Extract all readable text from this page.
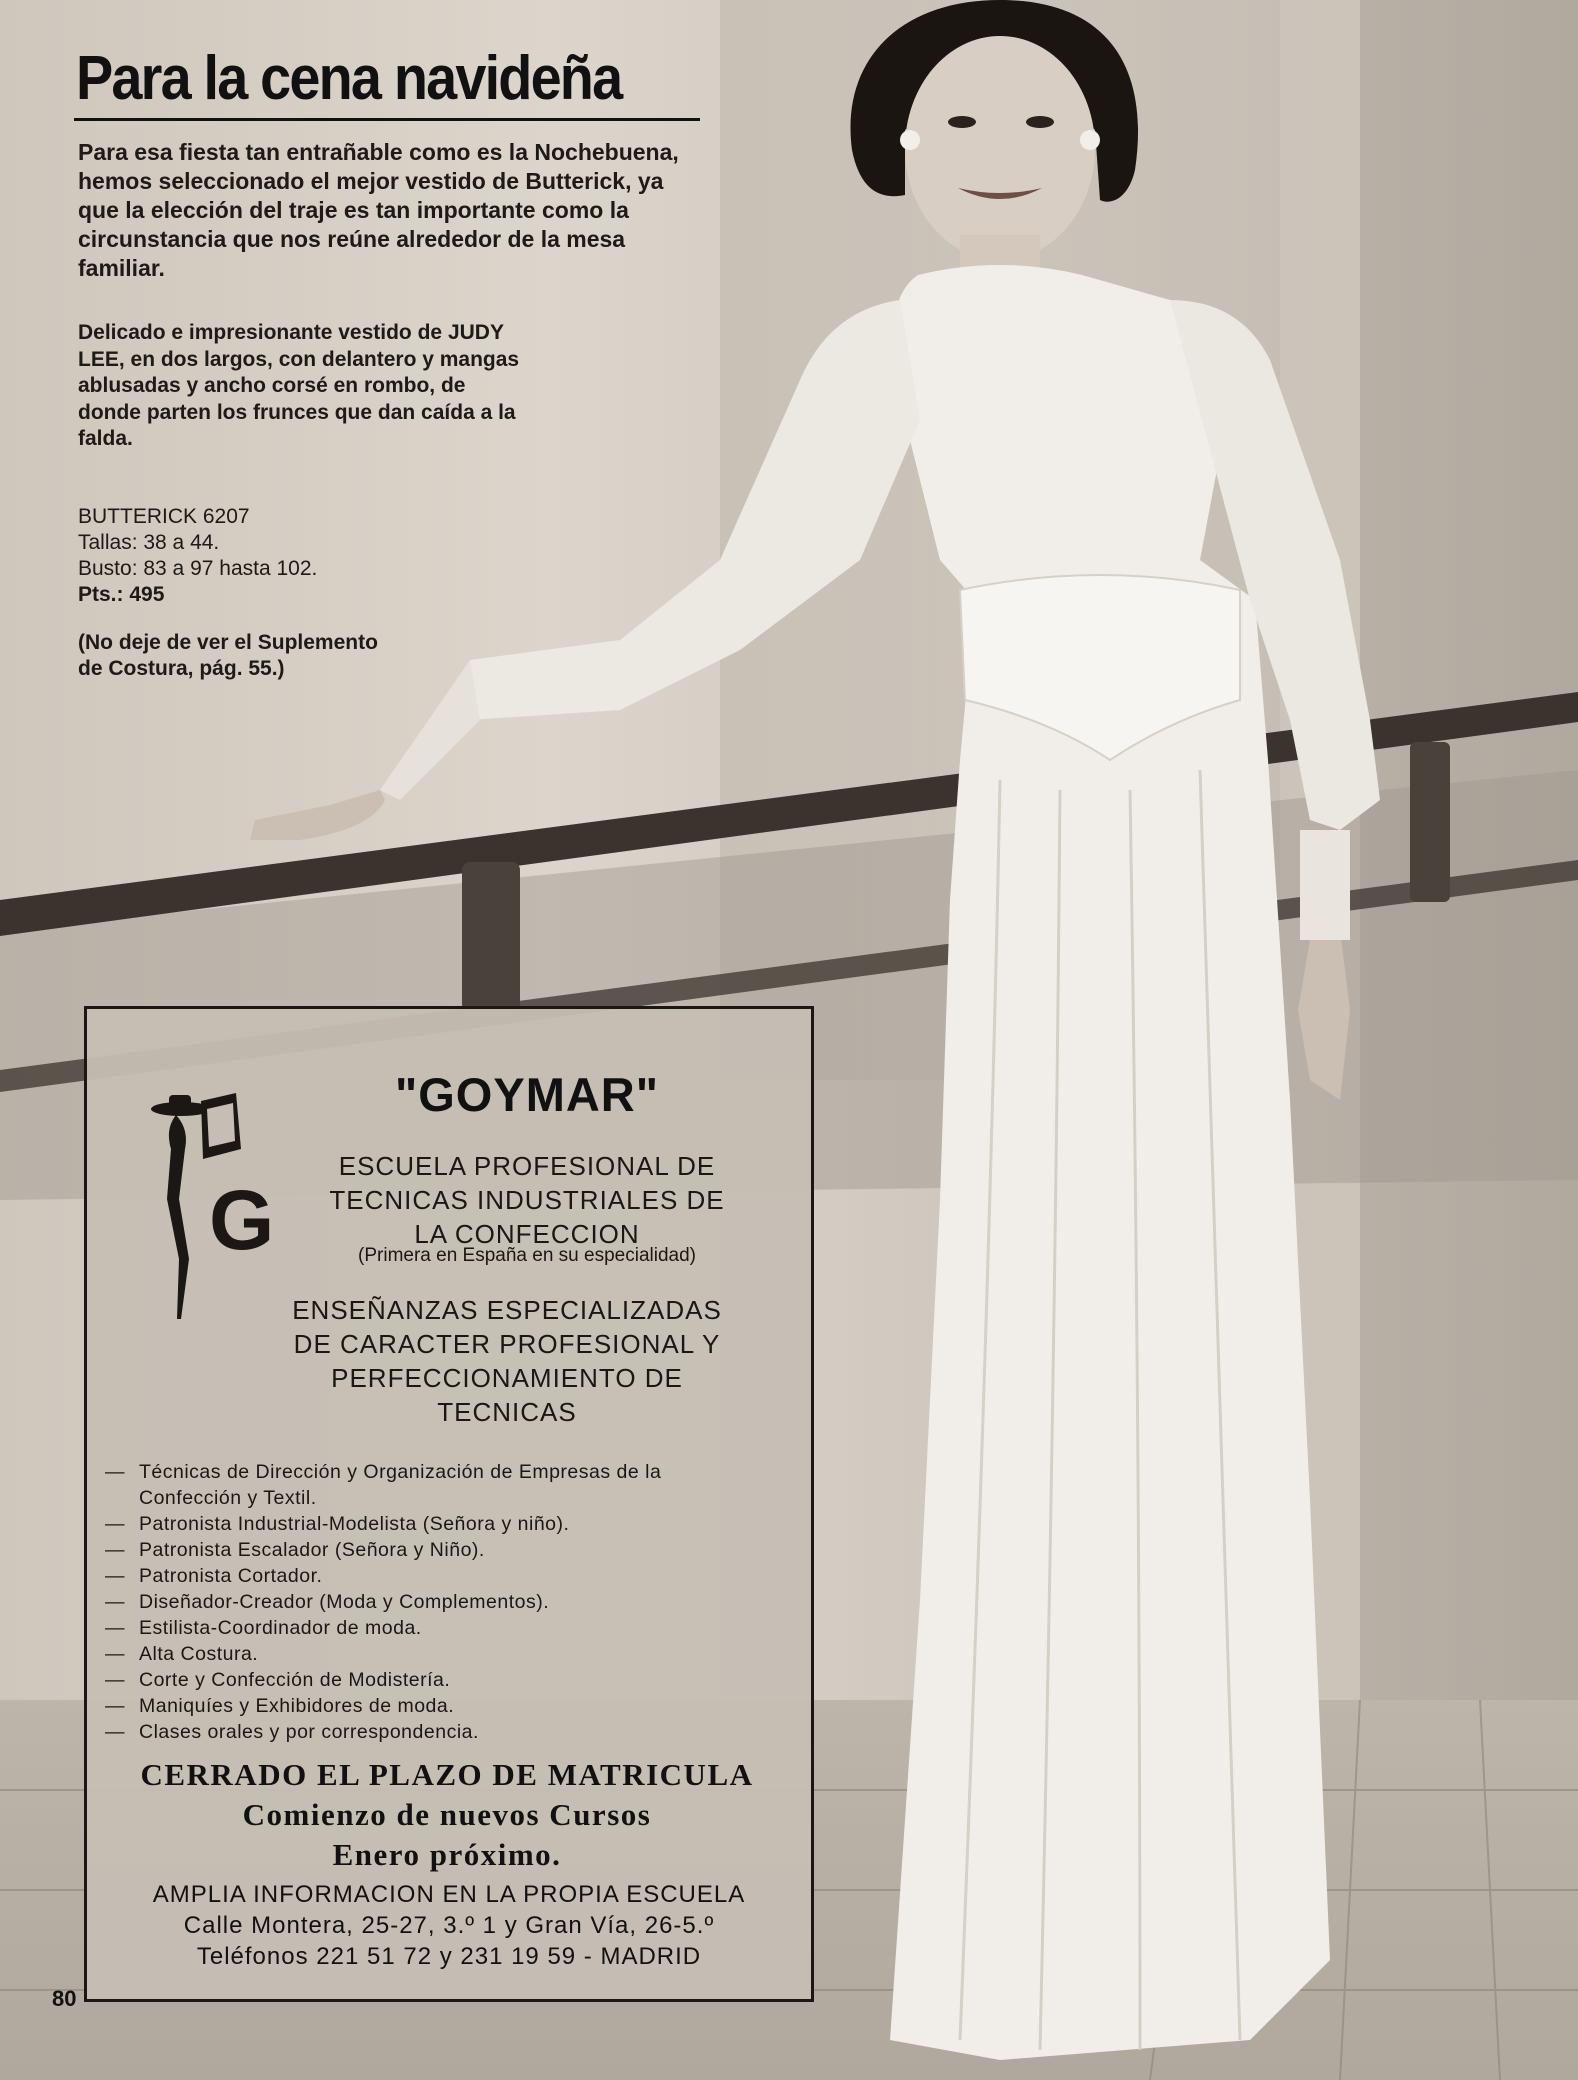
Para la cena navideña

Para esa fiesta tan entrañable como es la Nochebuena, hemos seleccionado el mejor vestido de Butterick, ya que la elección del traje es tan importante como la circunstancia que nos reúne alrededor de la mesa familiar.

Delicado e impresionante vestido de JUDY LEE, en dos largos, con delantero y mangas ablusadas y ancho corsé en rombo, de donde parten los frunces que dan caída a la falda.

BUTTERICK 6207
Tallas: 38 a 44.
Busto: 83 a 97 hasta 102.
Pts.: 495

(No deje de ver el Suplemento de Costura, pág. 55.)

G
"GOYMAR"
ESCUELA PROFESIONAL DE
TECNICAS INDUSTRIALES DE
LA CONFECCION
(Primera en España en su especialidad)
ENSEÑANZAS ESPECIALIZADAS
DE CARACTER PROFESIONAL Y
PERFECCIONAMIENTO DE
TECNICAS
— Técnicas de Dirección y Organización de Empresas de la
Confección y Textil.
— Patronista Industrial-Modelista (Señora y niño).
— Patronista Escalador (Señora y Niño).
— Patronista Cortador.
— Diseñador-Creador (Moda y Complementos).
— Estilista-Coordinador de moda.
— Alta Costura.
— Corte y Confección de Modistería.
— Maniquíes y Exhibidores de moda.
— Clases orales y por correspondencia.
CERRADO EL PLAZO DE MATRICULA
Comienzo de nuevos Cursos
Enero próximo.
AMPLIA INFORMACION EN LA PROPIA ESCUELA
Calle Montera, 25-27, 3.º 1 y Gran Vía, 26-5.º
Teléfonos 221 51 72 y 231 19 59 - MADRID
80
